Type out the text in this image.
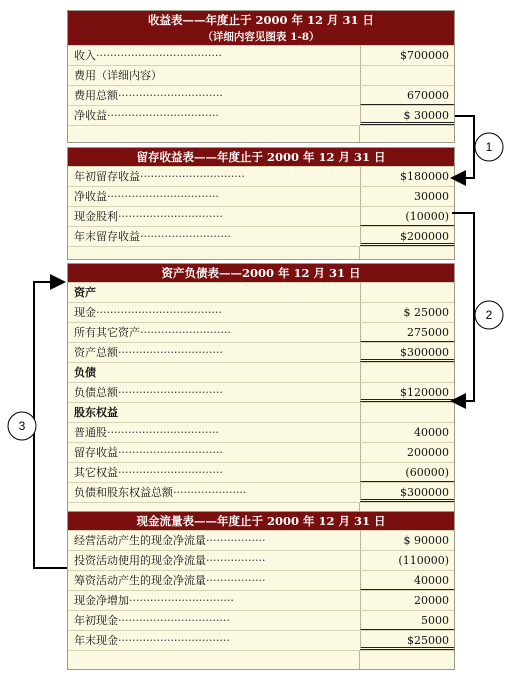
收益表——年度止于 2000 年 12 月 31 日
（详细内容见图表 1-8）
收入····································	$700000
费用（详细内容）
费用总额······························	670000
净收益································	$ 30000
留存收益表——年度止于 2000 年 12 月 31 日
年初留存收益······························	$180000
净收益································	30000
现金股利······························	(10000)
年末留存收益··························	$200000
资产负债表——2000 年 12 月 31 日
资产
现金····································	$ 25000
所有其它资产··························	275000
资产总额······························	$300000
负债
负债总额······························	$120000
股东权益
普通股································	40000
留存收益······························	200000
其它权益······························	(60000)
负债和股东权益总额·····················	$300000
现金流量表——年度止于 2000 年 12 月 31 日
经营活动产生的现金净流量·················	$ 90000
投资活动使用的现金净流量·················	(110000)
筹资活动产生的现金净流量·················	40000
现金净增加······························	20000
年初现金································	5000
年末现金································	$25000
1
2
3
